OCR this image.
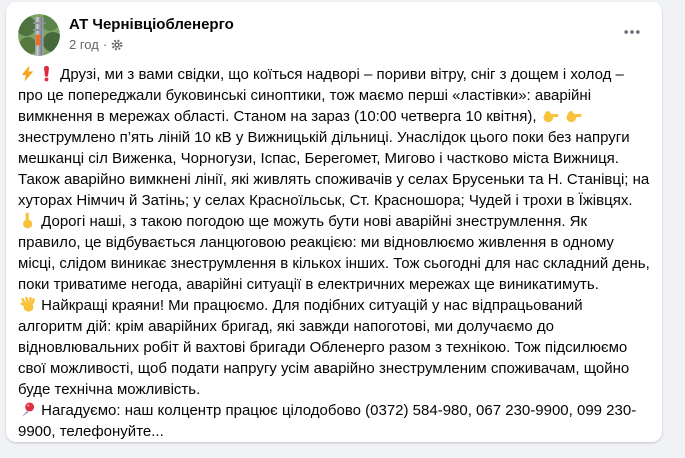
АТ Чернівціобленерго
2 год ·
Друзі, ми з вами свідки, що коїться надворі – пориви вітру, сніг з дощем і холод – про це попереджали буковинські синоптики, тож маємо перші «ластівки»: аварійні вимкнення в мережах області. Станом на зараз (10:00 четверга 10 квітня),

знеструмлено п’ять ліній 10 кВ у Вижницькій дільниці. Унаслідок цього поки без напруги мешканці сіл Виженка, Чорногузи, Іспас, Берегомет, Мигово і частково міста Вижниця. Також аварійно вимкнені лінії, які живлять споживачів у селах Брусеньки та Н. Станівці; на хуторах Німчич й Затінь; у селах Красноїльськ, Ст. Красношора; Чудей і трохи в Їжівцях.
Дорогі наші, з такою погодою ще можуть бути нові аварійні знеструмлення. Як правило, це відбувається ланцюговою реакцією: ми відновлюємо живлення в одному місці, слідом виникає знеструмлення в кількох інших. Тож сьогодні для нас складний день, поки триватиме негода, аварійні ситуації в електричних мережах ще виникатимуть.
Найкращі краяни! Ми працюємо. Для подібних ситуацій у нас відпрацьований алгоритм дій: крім аварійних бригад, які завжди напоготові, ми долучаємо до відновлювальних робіт й вахтові бригади Обленерго разом з технікою. Тож підсилюємо свої можливості, щоб подати напругу усім аварійно знеструмленим споживачам, щойно буде технічна можливість.
Нагадуємо: наш колцентр працює цілодобово (0372) 584-980, 067 230-9900, 099 230-9900, телефонуйте...
